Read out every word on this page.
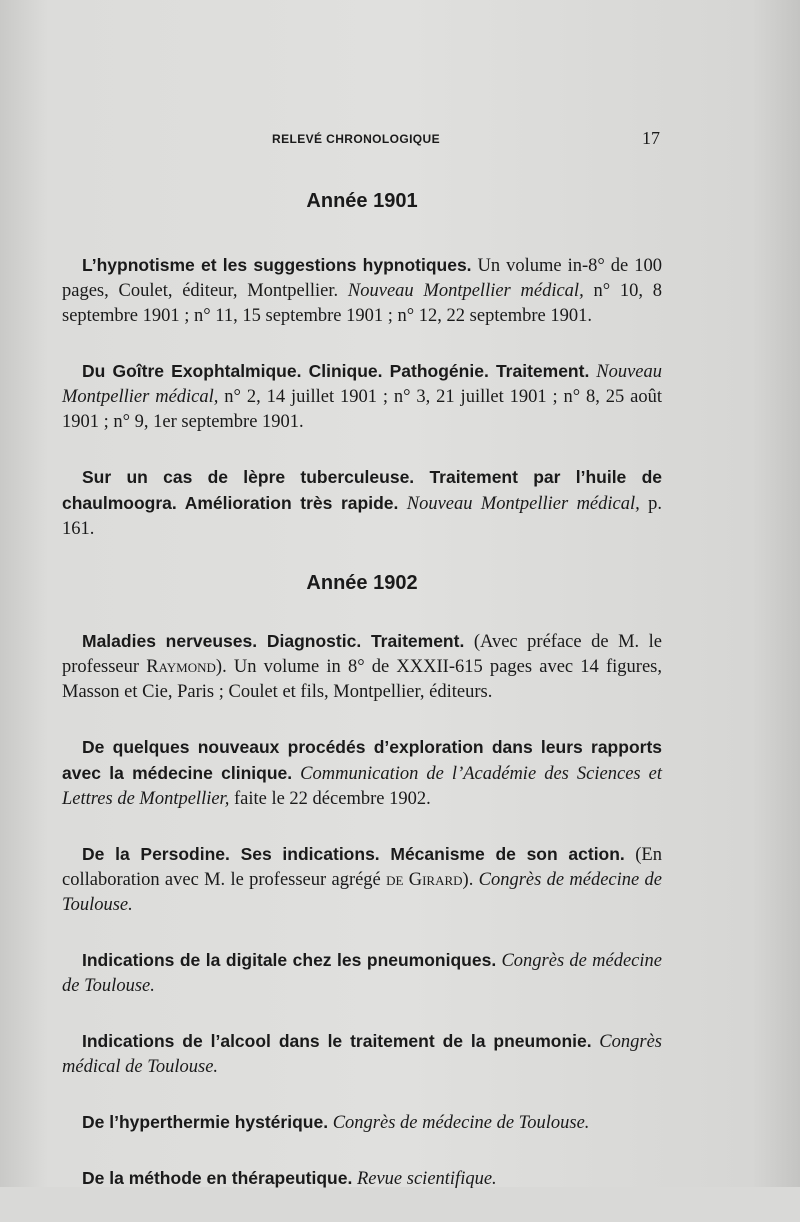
RELEVÉ CHRONOLOGIQUE	17
Année 1901

L’hypnotisme et les suggestions hypnotiques. Un volume in-8° de 100 pages, Coulet, éditeur, Montpellier. Nouveau Montpellier médical, n° 10, 8 septembre 1901 ; n° 11, 15 septembre 1901 ; n° 12, 22 septembre 1901.

Du Goître Exophtalmique. Clinique. Pathogénie. Traitement. Nouveau Montpellier médical, n° 2, 14 juillet 1901 ; n° 3, 21 juillet 1901 ; n° 8, 25 août 1901 ; n° 9, 1er septembre 1901.

Sur un cas de lèpre tuberculeuse. Traitement par l’huile de chaulmoogra. Amélioration très rapide. Nouveau Montpellier médical, p. 161.

Année 1902

Maladies nerveuses. Diagnostic. Traitement. (Avec préface de M. le professeur Raymond). Un volume in 8° de XXXII-615 pages avec 14 figures, Masson et Cie, Paris ; Coulet et fils, Montpellier, éditeurs.

De quelques nouveaux procédés d’exploration dans leurs rapports avec la médecine clinique. Communication de l’Académie des Sciences et Lettres de Montpellier, faite le 22 décembre 1902.

De la Persodine. Ses indications. Mécanisme de son action. (En collaboration avec M. le professeur agrégé de Girard). Congrès de médecine de Toulouse.

Indications de la digitale chez les pneumoniques. Congrès de médecine de Toulouse.

Indications de l’alcool dans le traitement de la pneumonie. Congrès médical de Toulouse.

De l’hyperthermie hystérique. Congrès de médecine de Toulouse.

De la méthode en thérapeutique. Revue scientifique.
